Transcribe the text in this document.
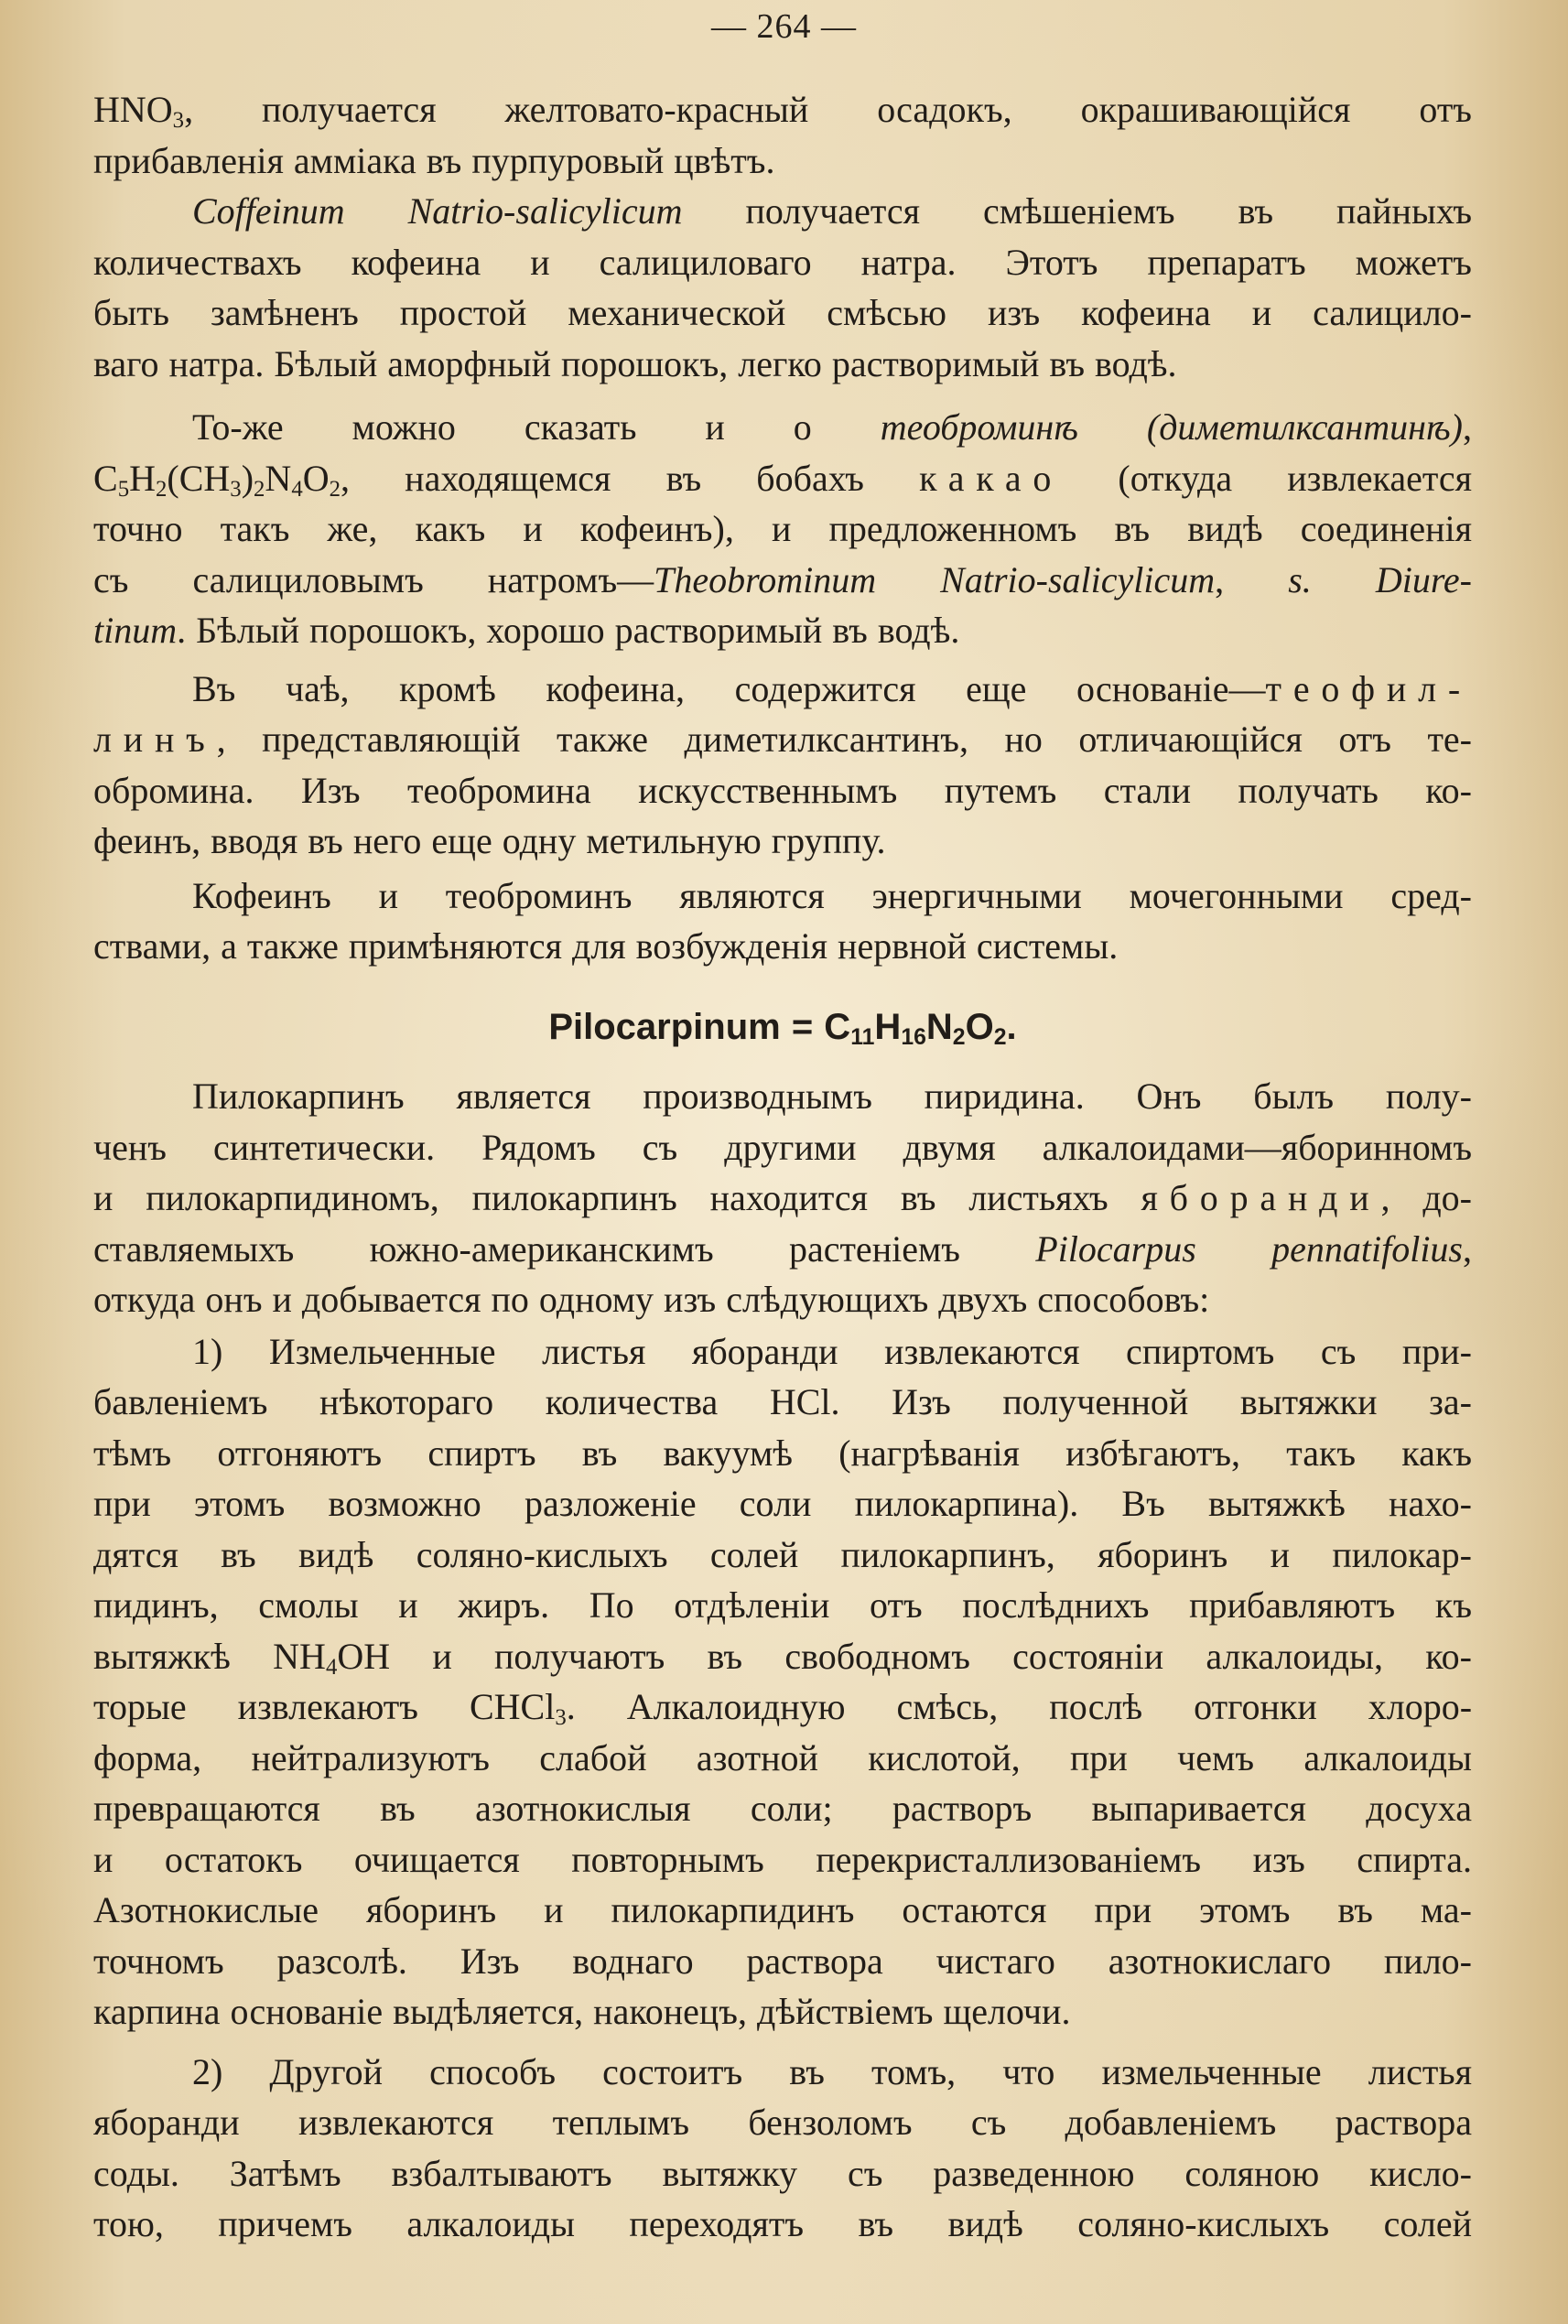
— 264 —
$HNO_3$, получается желтовато-красный осадокъ, окрашивающійся отъ
прибавленія амміака въ пурпуровый цвѣтъ.
Coffeinum Natrio-salicylicum получается смѣшеніемъ въ пайныхъ
количествахъ кофеина и салициловаго натра. Этотъ препаратъ можетъ
быть замѣненъ простой механической смѣсью изъ кофеина и салицило-
ваго натра. Бѣлый аморфный порошокъ, легко растворимый въ водѣ.
То-же можно сказать и о теоброминѣ (диметилксантинѣ),
$C_5H_2(CH_3)_2N_4O_2$, находящемся въ бобахъ какао (откуда извлекается
точно такъ же, какъ и кофеинъ), и предложенномъ въ видѣ соединенія
съ салициловымъ натромъ—Theobrominum Natrio-salicylicum, s. Diure-
tinum. Бѣлый порошокъ, хорошо растворимый въ водѣ.
Въ чаѣ, кромѣ кофеина, содержится еще основаніе—теофил-
линъ, представляющій также диметилксантинъ, но отличающійся отъ те-
обромина. Изъ теобромина искусственнымъ путемъ стали получать ко-
феинъ, вводя въ него еще одну метильную группу.
Кофеинъ и теоброминъ являются энергичными мочегонными сред-
ствами, а также примѣняются для возбужденія нервной системы.
Pilocarpinum = $C_{11}H_{16}N_2O_2$.
Пилокарпинъ является производнымъ пиридина. Онъ былъ полу-
ченъ синтетически. Рядомъ съ другими двумя алкалоидами—яборинномъ
и пилокарпидиномъ, пилокарпинъ находится въ листьяхъ яборанди, до-
ставляемыхъ южно-американскимъ растеніемъ Pilocarpus pennatifolius,
откуда онъ и добывается по одному изъ слѣдующихъ двухъ способовъ:
1) Измельченные листья яборанди извлекаются спиртомъ съ при-
бавленіемъ нѣкотораго количества HCl. Изъ полученной вытяжки за-
тѣмъ отгоняютъ спиртъ въ вакуумѣ (нагрѣванія избѣгаютъ, такъ какъ
при этомъ возможно разложеніе соли пилокарпина). Въ вытяжкѣ нахо-
дятся въ видѣ соляно-кислыхъ солей пилокарпинъ, яборинъ и пилокар-
пидинъ, смолы и жиръ. По отдѣленіи отъ послѣднихъ прибавляютъ къ
вытяжкѣ $NH_4OH$ и получаютъ въ свободномъ состояніи алкалоиды, ко-
торые извлекаютъ CHCl$_3$. Алкалоидную смѣсь, послѣ отгонки хлоро-
форма, нейтрализуютъ слабой азотной кислотой, при чемъ алкалоиды
превращаются въ азотнокислыя соли; растворъ выпаривается досуха
и остатокъ очищается повторнымъ перекристаллизованіемъ изъ спирта.
Азотнокислые яборинъ и пилокарпидинъ остаются при этомъ въ ма-
точномъ разсолѣ. Изъ воднаго раствора чистаго азотнокислаго пило-
карпина основаніе выдѣляется, наконецъ, дѣйствіемъ щелочи.
2) Другой способъ состоитъ въ томъ, что измельченные листья
яборанди извлекаются теплымъ бензоломъ съ добавленіемъ раствора
соды. Затѣмъ взбалтываютъ вытяжку съ разведенною соляною кисло-
тою, причемъ алкалоиды переходятъ въ видѣ соляно-кислыхъ солей
